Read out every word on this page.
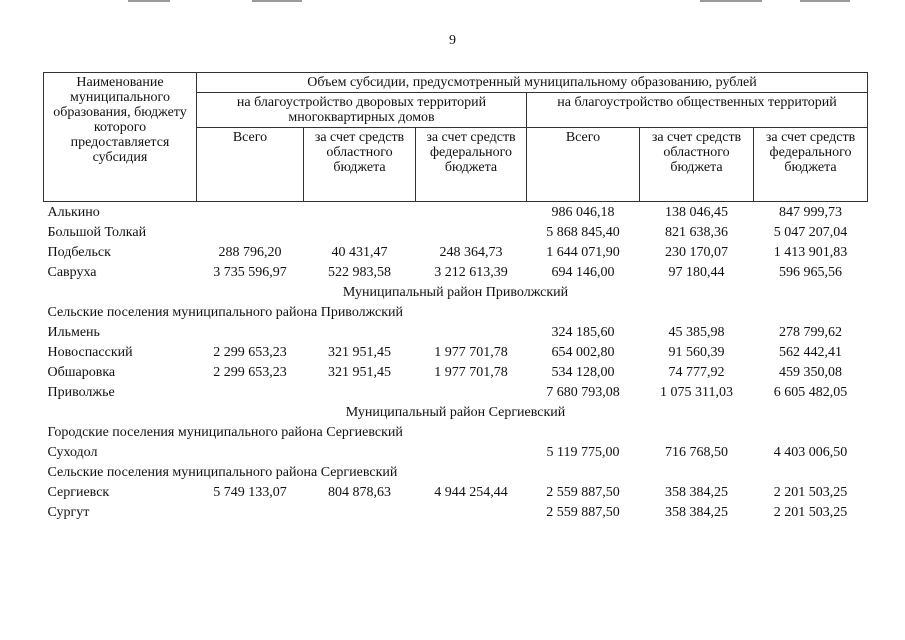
9
Наименование муниципального образования, бюджету которого предоставляется субсидия	Объем субсидии, предусмотренный муниципальному образованию, рублей					
	на благоустройство дворовых территорий многоквартирных домов			на благоустройство общественных территорий		
	Всего	за счет средств областного бюджета	за счет средств федерального бюджета	Всего	за счет средств областного бюджета	за счет средств федерального бюджета
Алькино				986 046,18	138 046,45	847 999,73
Большой Толкай				5 868 845,40	821 638,36	5 047 207,04
Подбельск	288 796,20	40 431,47	248 364,73	1 644 071,90	230 170,07	1 413 901,83
Савруха	3 735 596,97	522 983,58	3 212 613,39	694 146,00	97 180,44	596 965,56
Муниципальный район Приволжский						
Сельские поселения муниципального района Приволжский						
Ильмень				324 185,60	45 385,98	278 799,62
Новоспасский	2 299 653,23	321 951,45	1 977 701,78	654 002,80	91 560,39	562 442,41
Обшаровка	2 299 653,23	321 951,45	1 977 701,78	534 128,00	74 777,92	459 350,08
Приволжье				7 680 793,08	1 075 311,03	6 605 482,05
Муниципальный район Сергиевский						
Городские поселения муниципального района Сергиевский						
Суходол				5 119 775,00	716 768,50	4 403 006,50
Сельские поселения муниципального района Сергиевский						
Сергиевск	5 749 133,07	804 878,63	4 944 254,44	2 559 887,50	358 384,25	2 201 503,25
Сургут				2 559 887,50	358 384,25	2 201 503,25
